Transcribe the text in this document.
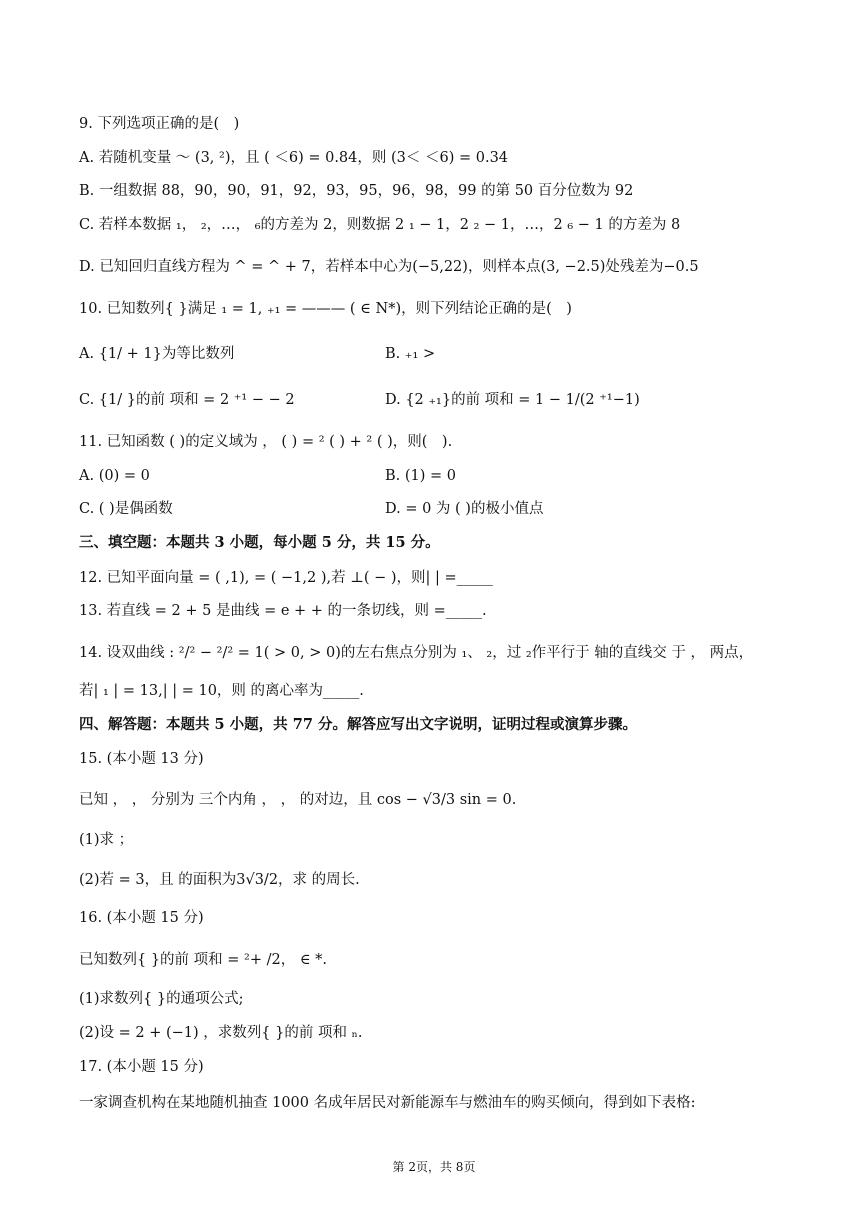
9. 下列选项正确的是(　)
A. 若随机变量 ～ (3, ²)，且 ( ＜6) = 0.84，则 (3＜ ＜6) = 0.34
B. 一组数据 88，90，90，91，92，93，95，96，98，99 的第 50 百分位数为 92
C. 若样本数据 ₁， ₂，…， ₆的方差为 2，则数据 2 ₁ − 1，2 ₂ − 1，…，2 ₆ − 1 的方差为 8
D. 已知回归直线方程为 ^ = ^ + 7，若样本中心为(−5,22)，则样本点(3, −2.5)处残差为−0.5
10. 已知数列{ }满足 ₁ = 1, ₊₁ = ——— ( ∈ N*)，则下列结论正确的是(　)
A. {1/ + 1}为等比数列	B. ₊₁ >
C. {1/ }的前 项和 = 2 ⁺¹ − − 2	D. {2 ₊₁}的前 项和 = 1 − 1/(2 ⁺¹−1)
11. 已知函数 ( )的定义域为 ， ( ) = ² ( ) + ² ( )，则(　).
A. (0) = 0	B. (1) = 0
C. ( )是偶函数	D. = 0 为 ( )的极小值点
三、填空题：本题共 3 小题，每小题 5 分，共 15 分。
12. 已知平面向量 = ( ,1), = ( −1,2 ),若 ⊥( − )，则| | =_____
13. 若直线 = 2 + 5 是曲线 = e + + 的一条切线，则 =_____.
14. 设双曲线 : ²/² − ²/² = 1( > 0, > 0)的左右焦点分别为 ₁、 ₂，过 ₂作平行于 轴的直线交 于 ， 两点，
若| ₁ | = 13,| | = 10，则 的离心率为_____.
四、解答题：本题共 5 小题，共 77 分。解答应写出文字说明，证明过程或演算步骤。
15. (本小题 13 分)
已知 ， ， 分别为 三个内角 ， ， 的对边，且 cos − √3/3 sin = 0.
(1)求 ；
(2)若 = 3，且 的面积为3√3/2，求 的周长.
16. (本小题 15 分)
已知数列{ }的前 项和 = ²+ /2， ∈ *.
(1)求数列{ }的通项公式;
(2)设 = 2 + (−1) ，求数列{ }的前 项和 ₙ.
17. (本小题 15 分)
一家调查机构在某地随机抽查 1000 名成年居民对新能源车与燃油车的购买倾向，得到如下表格:
第 2页，共 8页
